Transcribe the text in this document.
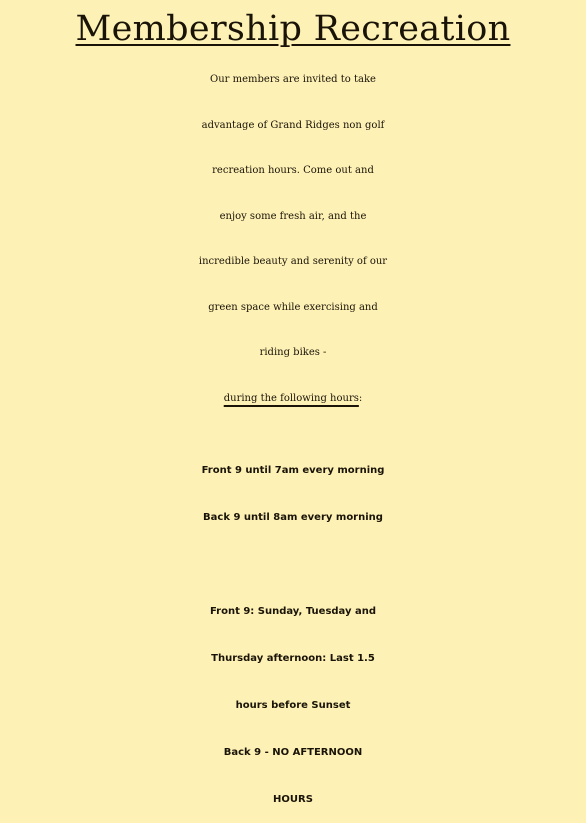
Membership Recreation
Our members are invited to take
advantage of Grand Ridges non golf
recreation hours. Come out and
enjoy some fresh air, and the
incredible beauty and serenity of our
green space while exercising and
riding bikes -
during the following hours:
Front 9 until 7am every morning
Back 9 until 8am every morning
Front 9: Sunday, Tuesday and
Thursday afternoon: Last 1.5
hours before Sunset
Back 9 - NO AFTERNOON
HOURS
